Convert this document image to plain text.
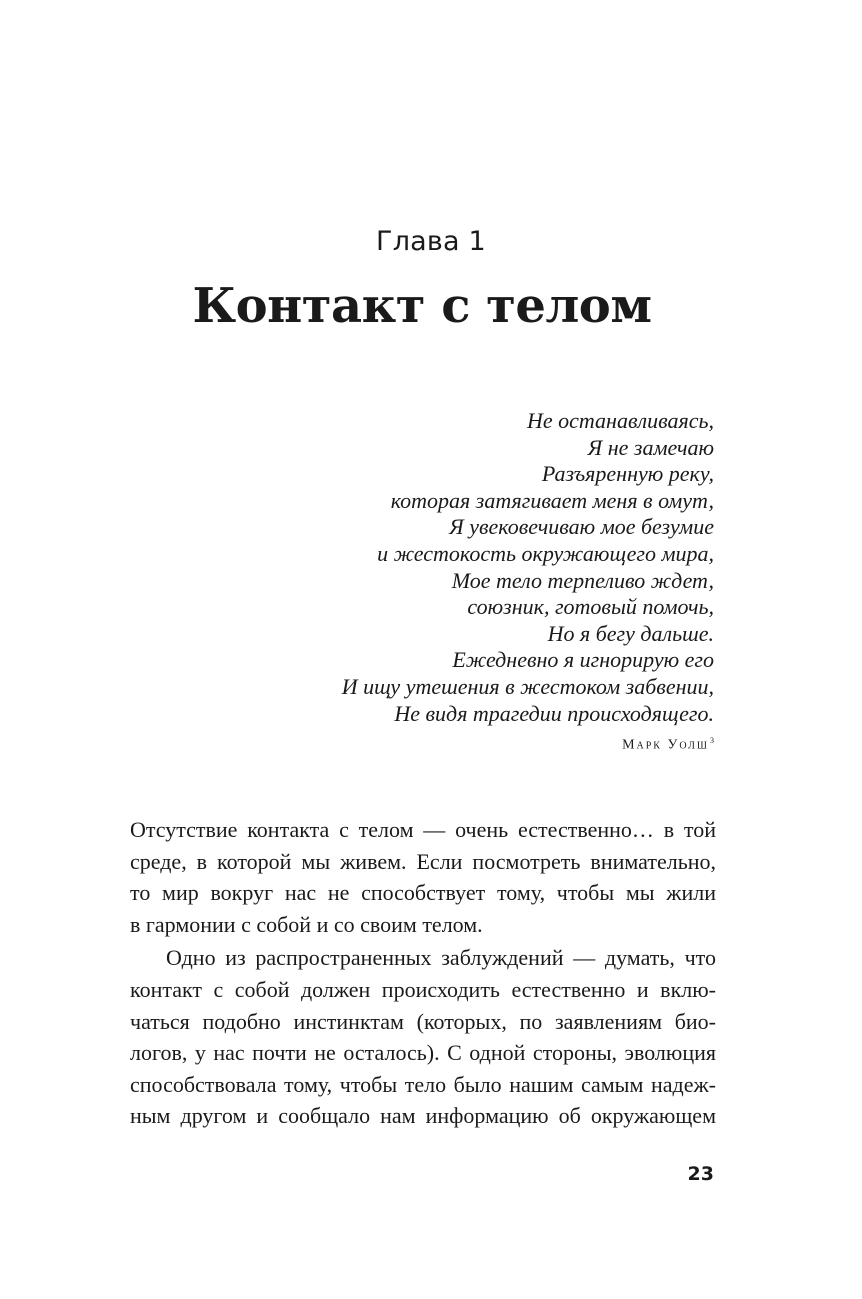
Глава 1
Контакт с телом
Не останавливаясь,
Я не замечаю
Разъяренную реку,
которая затягивает меня в омут,
Я увековечиваю мое безумие
и жестокость окружающего мира,
Мое тело терпеливо ждет,
союзник, готовый помочь,
Но я бегу дальше.
Ежедневно я игнорирую его
И ищу утешения в жестоком забвении,
Не видя трагедии происходящего.
Марк Уолш$^3$
Отсутствие контакта с телом — очень естественно… в той
среде, в которой мы живем. Если посмотреть внимательно,
то мир вокруг нас не способствует тому, чтобы мы жили
в гармонии с собой и со своим телом.
Одно из распространенных заблуждений — думать, что
контакт с собой должен происходить естественно и вклю-
чаться подобно инстинктам (которых, по заявлениям био-
логов, у нас почти не осталось). С одной стороны, эволюция
способствовала тому, чтобы тело было нашим самым надеж-
ным другом и сообщало нам информацию об окружающем
23
